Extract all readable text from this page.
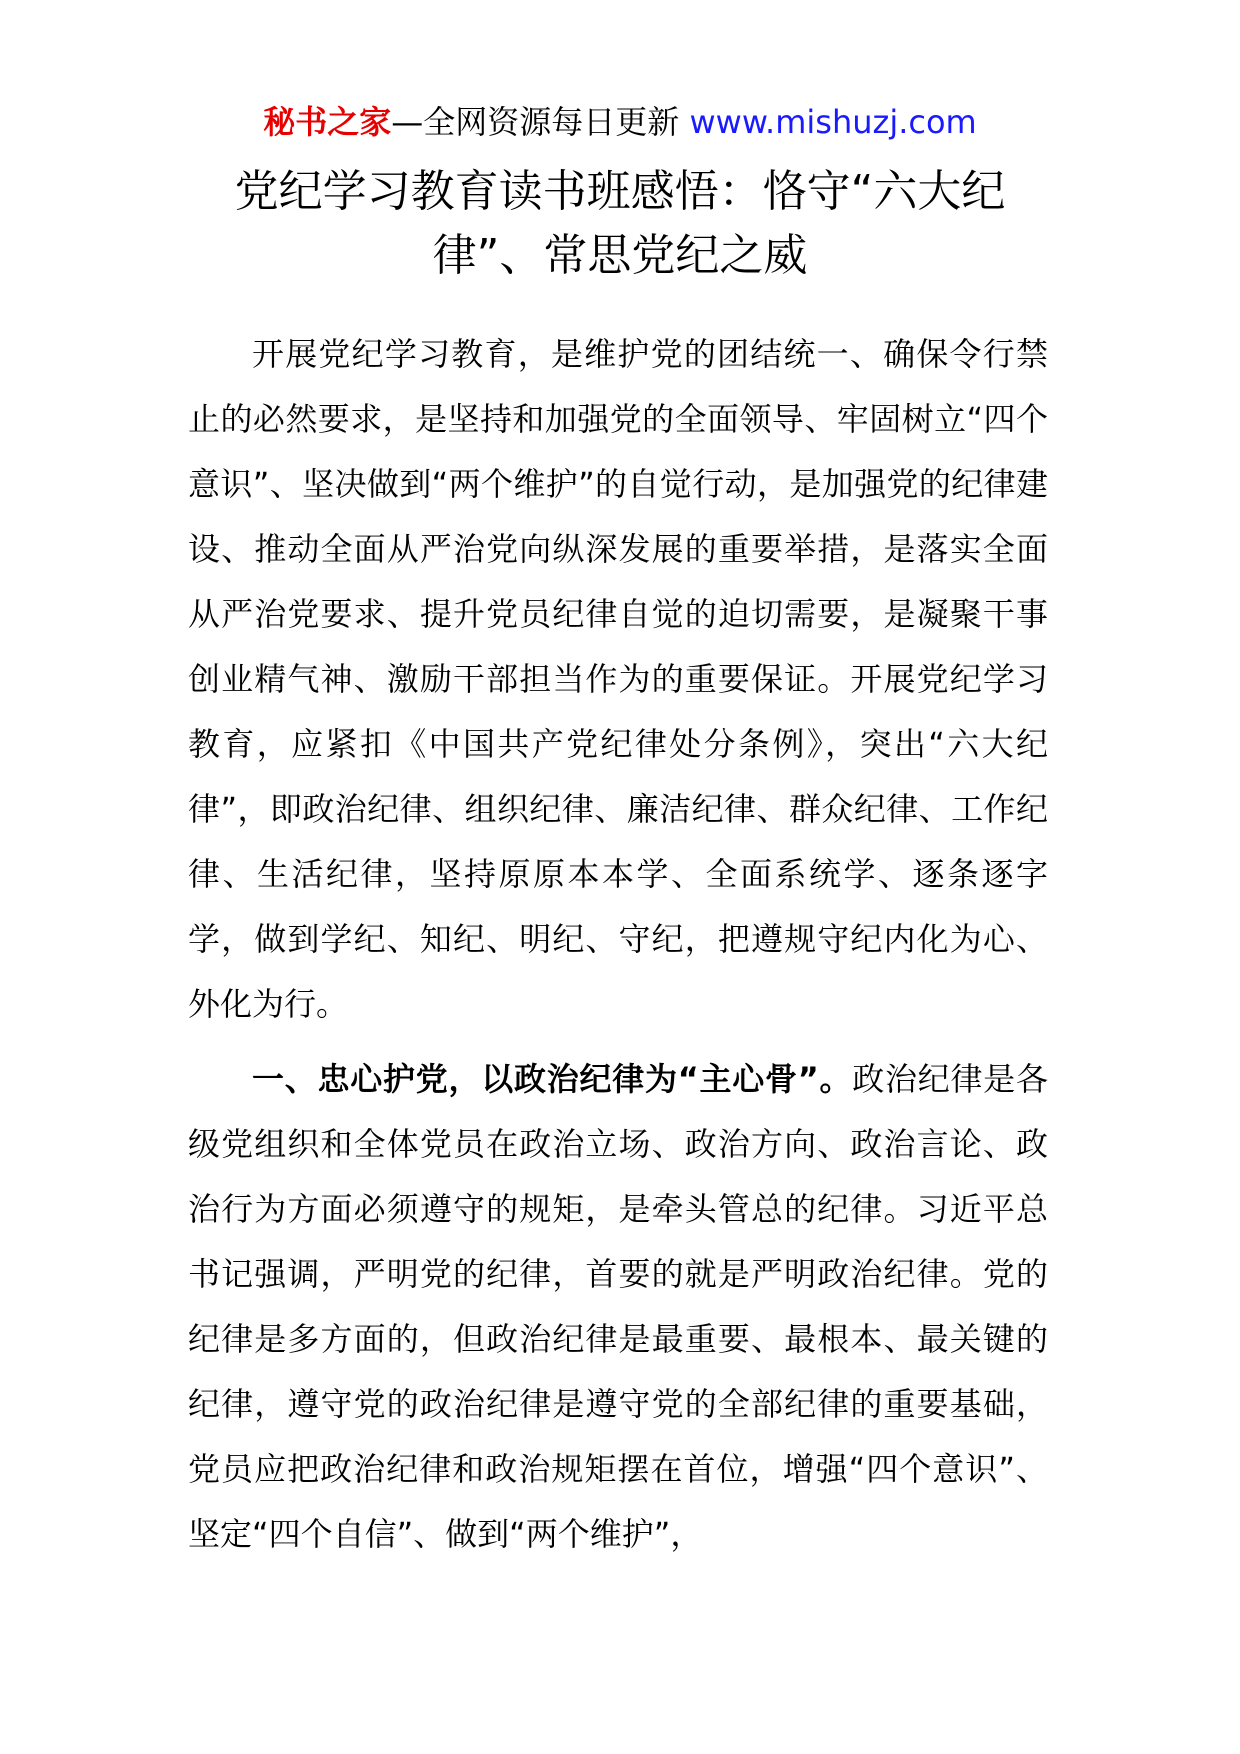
秘书之家—全网资源每日更新 www.mishuzj.com
党纪学习教育读书班感悟：恪守“六大纪律”、常思党纪之威

开展党纪学习教育，是维护党的团结统一、确保令行禁止的必然要求，是坚持和加强党的全面领导、牢固树立“四个意识”、坚决做到“两个维护”的自觉行动，是加强党的纪律建设、推动全面从严治党向纵深发展的重要举措，是落实全面从严治党要求、提升党员纪律自觉的迫切需要，是凝聚干事创业精气神、激励干部担当作为的重要保证。开展党纪学习教育，应紧扣《中国共产党纪律处分条例》，突出“六大纪律”，即政治纪律、组织纪律、廉洁纪律、群众纪律、工作纪律、生活纪律，坚持原原本本学、全面系统学、逐条逐字学，做到学纪、知纪、明纪、守纪，把遵规守纪内化为心、外化为行。

一、忠心护党，以政治纪律为“主心骨”。政治纪律是各级党组织和全体党员在政治立场、政治方向、政治言论、政治行为方面必须遵守的规矩，是牵头管总的纪律。习近平总书记强调，严明党的纪律，首要的就是严明政治纪律。党的纪律是多方面的，但政治纪律是最重要、最根本、最关键的纪律，遵守党的政治纪律是遵守党的全部纪律的重要基础，党员应把政治纪律和政治规矩摆在首位，增强“四个意识”、坚定“四个自信”、做到“两个维护”，
